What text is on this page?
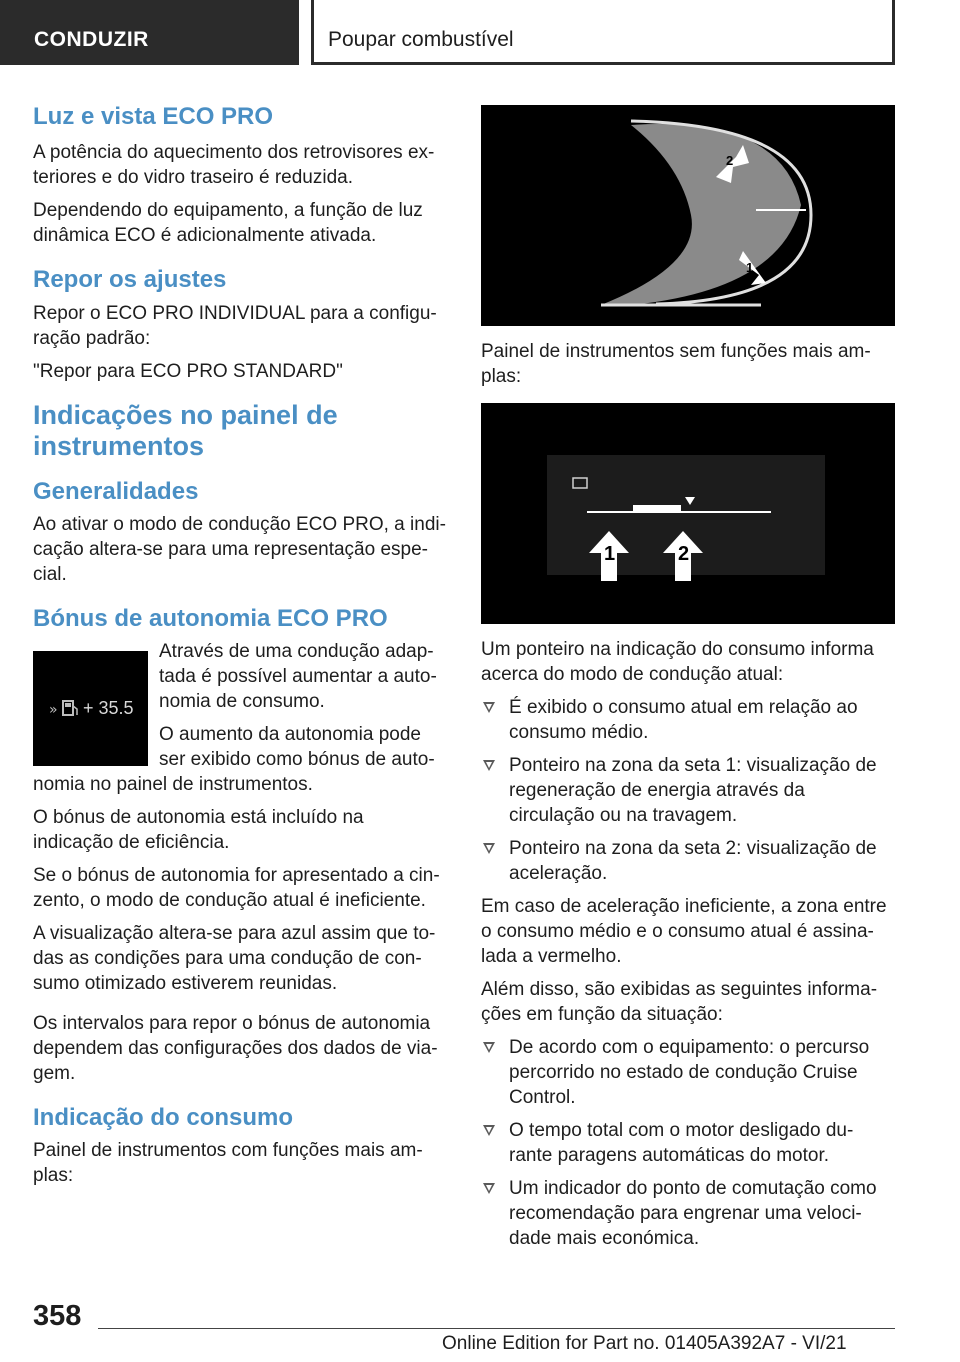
CONDUZIR	Poupar combustível
Luz e vista ECO PRO

A potência do aquecimento dos retrovisores ex-teriores e do vidro traseiro é reduzida.

Dependendo do equipamento, a função de luz dinâmica ECO é adicionalmente ativada.

Repor os ajustes

Repor o ECO PRO INDIVIDUAL para a configu-ração padrão:

"Repor para ECO PRO STANDARD"

Indicações no painel de instrumentos
Generalidades

Ao ativar o modo de condução ECO PRO, a indi-cação altera-se para uma representação espe-cial.

Bónus de autonomia ECO PRO
» + 35.5

Através de uma condução adap-tada é possível aumentar a auto-nomia de consumo.

O aumento da autonomia pode ser exibido como bónus de auto-nomia no painel de instrumentos.

O bónus de autonomia está incluído na indicação de eficiência.

Se o bónus de autonomia for apresentado a cin-zento, o modo de condução atual é ineficiente.

A visualização altera-se para azul assim que to-das as condições para uma condução de con-sumo otimizado estiverem reunidas.

Os intervalos para repor o bónus de autonomia dependem das configurações dos dados de via-gem.

Indicação do consumo

Painel de instrumentos com funções mais am-plas:

2
1

Painel de instrumentos sem funções mais am-plas:

1	2

Um ponteiro na indicação do consumo informa acerca do modo de condução atual:

É exibido o consumo atual em relação ao consumo médio.
Ponteiro na zona da seta 1: visualização de regeneração de energia através da circulação ou na travagem.
Ponteiro na zona da seta 2: visualização de aceleração.

Em caso de aceleração ineficiente, a zona entre o consumo médio e o consumo atual é assina-lada a vermelho.

Além disso, são exibidas as seguintes informa-ções em função da situação:

De acordo com o equipamento: o percurso percorrido no estado de condução Cruise Control.
O tempo total com o motor desligado du-rante paragens automáticas do motor.
Um indicador do ponto de comutação como recomendação para engrenar uma veloci-dade mais económica.
358
Online Edition for Part no. 01405A392A7 - VI/21
